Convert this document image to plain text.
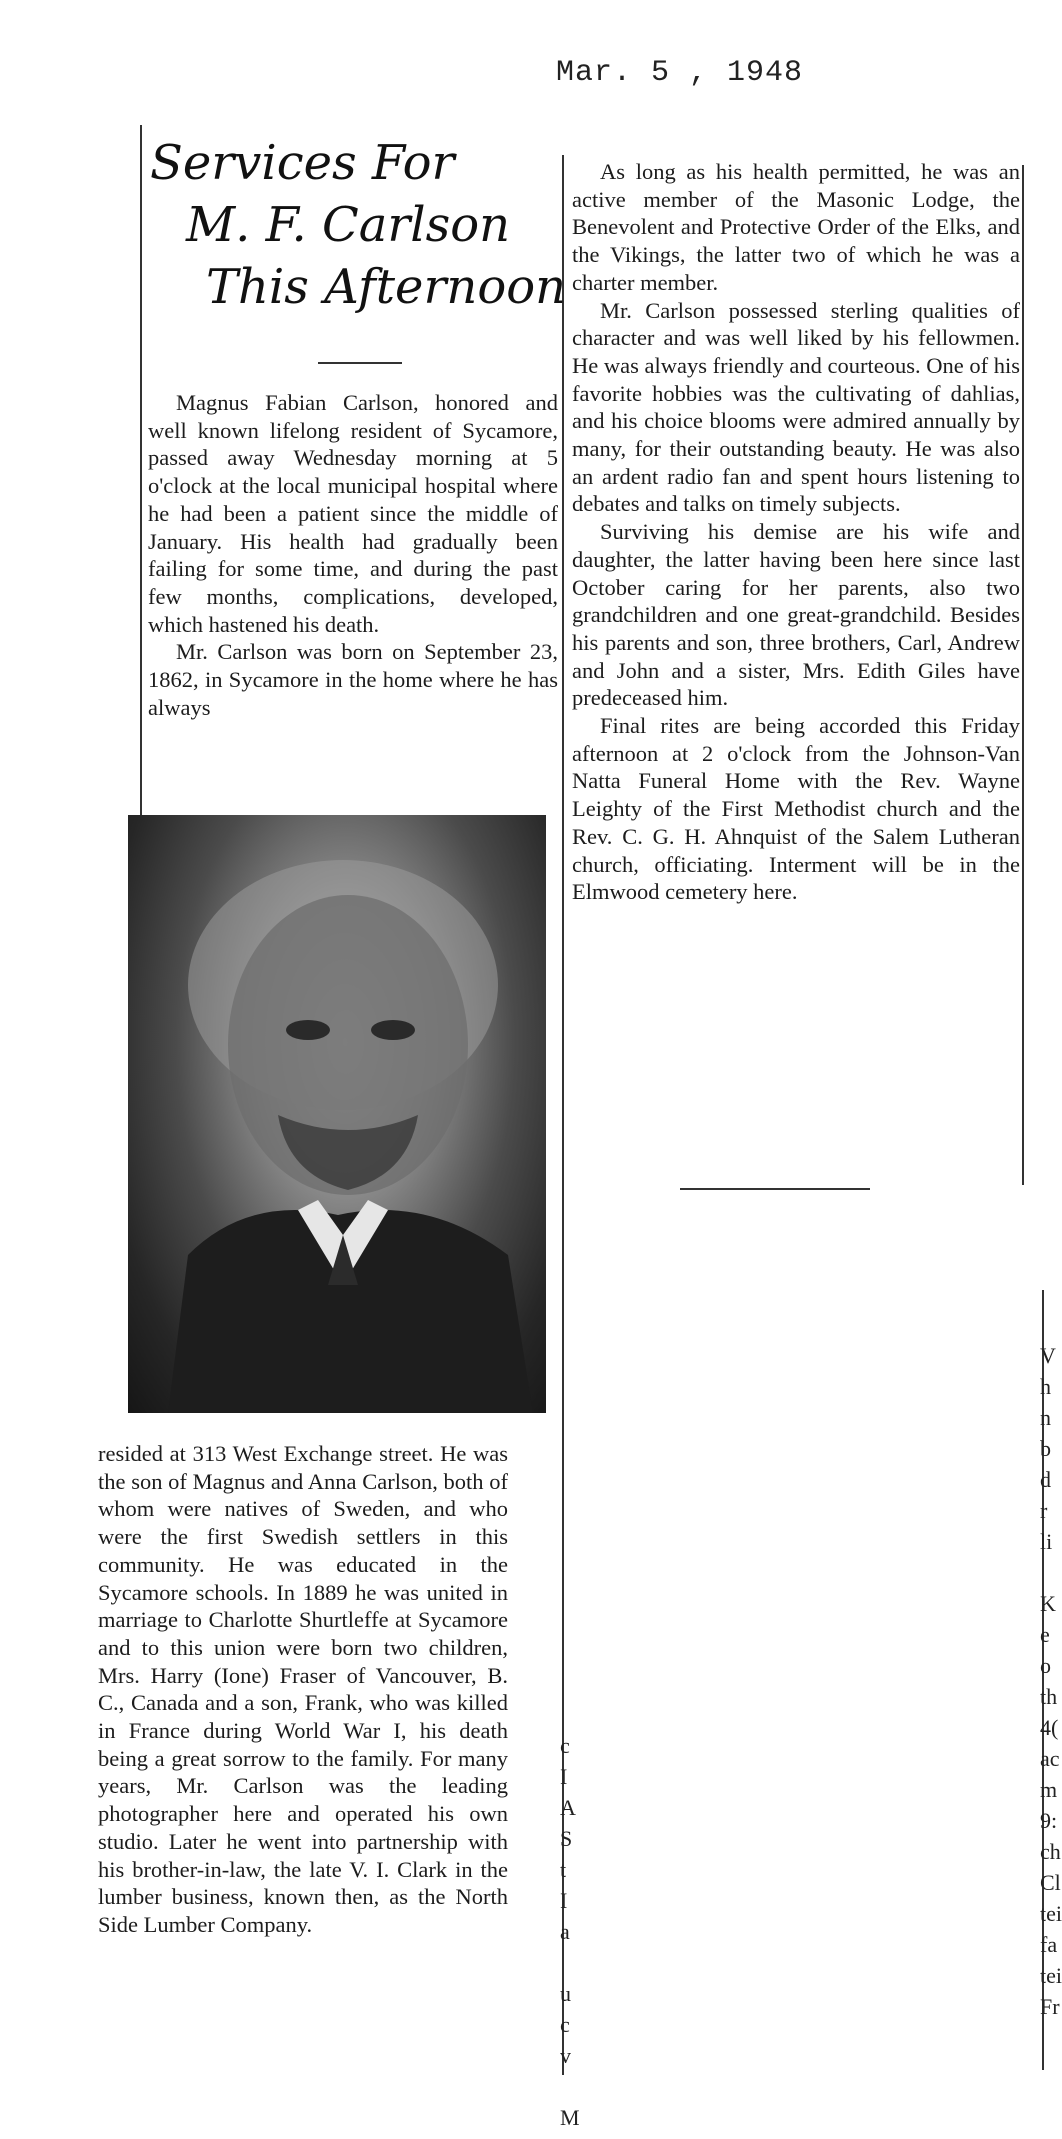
Mar. 5 , 1948
Services For
M. F. Carlson
This Afternoon

Magnus Fabian Carlson, honored and well known lifelong resident of Sycamore, passed away Wednesday morning at 5 o'clock at the local municipal hospital where he had been a patient since the middle of January. His health had gradually been failing for some time, and during the past few months, complications, developed, which hastened his death.

Mr. Carlson was born on September 23, 1862, in Sycamore in the home where he has always

resided at 313 West Exchange street. He was the son of Magnus and Anna Carlson, both of whom were natives of Sweden, and who were the first Swedish settlers in this community. He was educated in the Sycamore schools. In 1889 he was united in marriage to Charlotte Shurtleffe at Sycamore and to this union were born two children, Mrs. Harry (Ione) Fraser of Vancouver, B. C., Canada and a son, Frank, who was killed in France during World War I, his death being a great sorrow to the family. For many years, Mr. Carlson was the leading photographer here and operated his own studio. Later he went into partnership with his brother-in-law, the late V. I. Clark in the lumber business, known then, as the North Side Lumber Company.

As long as his health permitted, he was an active member of the Masonic Lodge, the Benevolent and Protective Order of the Elks, and the Vikings, the latter two of which he was a charter member.

Mr. Carlson possessed sterling qualities of character and was well liked by his fellowmen. He was always friendly and courteous. One of his favorite hobbies was the cultivating of dahlias, and his choice blooms were admired annually by many, for their outstanding beauty. He was also an ardent radio fan and spent hours listening to debates and talks on timely subjects.

Surviving his demise are his wife and daughter, the latter having been here since last October caring for her parents, also two grandchildren and one great-grandchild. Besides his parents and son, three brothers, Carl, Andrew and John and a sister, Mrs. Edith Giles have predeceased him.

Final rites are being accorded this Friday afternoon at 2 o'clock from the Johnson-Van Natta Funeral Home with the Rev. Wayne Leighty of the First Methodist church and the Rev. C. G. H. Ahnquist of the Salem Lutheran church, officiating. Interment will be in the Elmwood cemetery here.

V
h
n
b
d
r
li

K
e
o
th
4(
ac
m
9:
ch
Cl
tei
fa
tei
Fr
c
I
A
S
t
I
a

u
c
v

M
